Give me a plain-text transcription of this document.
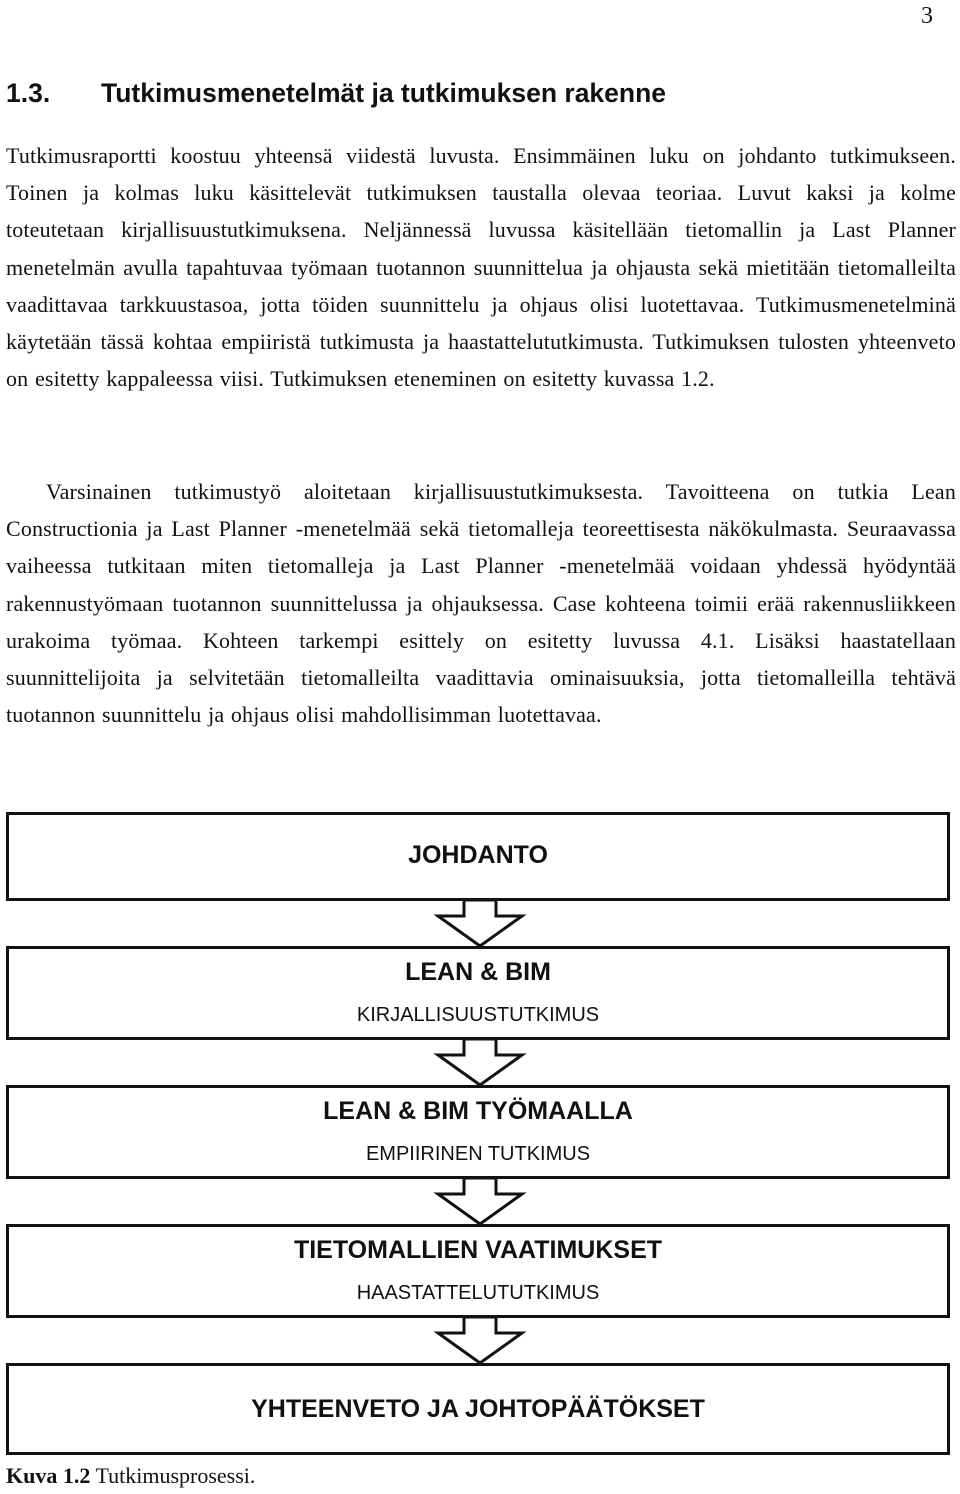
3
1.3. Tutkimusmenetelmät ja tutkimuksen rakenne

Tutkimusraportti koostuu yhteensä viidestä luvusta. Ensimmäinen luku on johdanto tutkimukseen. Toinen ja kolmas luku käsittelevät tutkimuksen taustalla olevaa teoriaa. Luvut kaksi ja kolme toteutetaan kirjallisuustutkimuksena. Neljännessä luvussa käsitellään tietomallin ja Last Planner menetelmän avulla tapahtuvaa työmaan tuotannon suunnittelua ja ohjausta sekä mietitään tietomalleilta vaadittavaa tarkkuustasoa, jotta töiden suunnittelu ja ohjaus olisi luotettavaa. Tutkimusmenetelminä käytetään tässä kohtaa empiiristä tutkimusta ja haastattelututkimusta. Tutkimuksen tulosten yhteenveto on esitetty kappaleessa viisi. Tutkimuksen eteneminen on esitetty kuvassa 1.2.

Varsinainen tutkimustyö aloitetaan kirjallisuustutkimuksesta. Tavoitteena on tutkia Lean Constructionia ja Last Planner -menetelmää sekä tietomalleja teoreettisesta näkökulmasta. Seuraavassa vaiheessa tutkitaan miten tietomalleja ja Last Planner -menetelmää voidaan yhdessä hyödyntää rakennustyömaan tuotannon suunnittelussa ja ohjauksessa. Case kohteena toimii erää rakennusliikkeen urakoima työmaa. Kohteen tarkempi esittely on esitetty luvussa 4.1. Lisäksi haastatellaan suunnittelijoita ja selvitetään tietomalleilta vaadittavia ominaisuuksia, jotta tietomalleilla tehtävä tuotannon suunnittelu ja ohjaus olisi mahdollisimman luotettavaa.

JOHDANTO
LEAN & BIM
KIRJALLISUUSTUTKIMUS
LEAN & BIM TYÖMAALLA
EMPIIRINEN TUTKIMUS
TIETOMALLIEN VAATIMUKSET
HAASTATTELUTUTKIMUS
YHTEENVETO JA JOHTOPÄÄTÖKSET

Kuva 1.2 Tutkimusprosessi.
